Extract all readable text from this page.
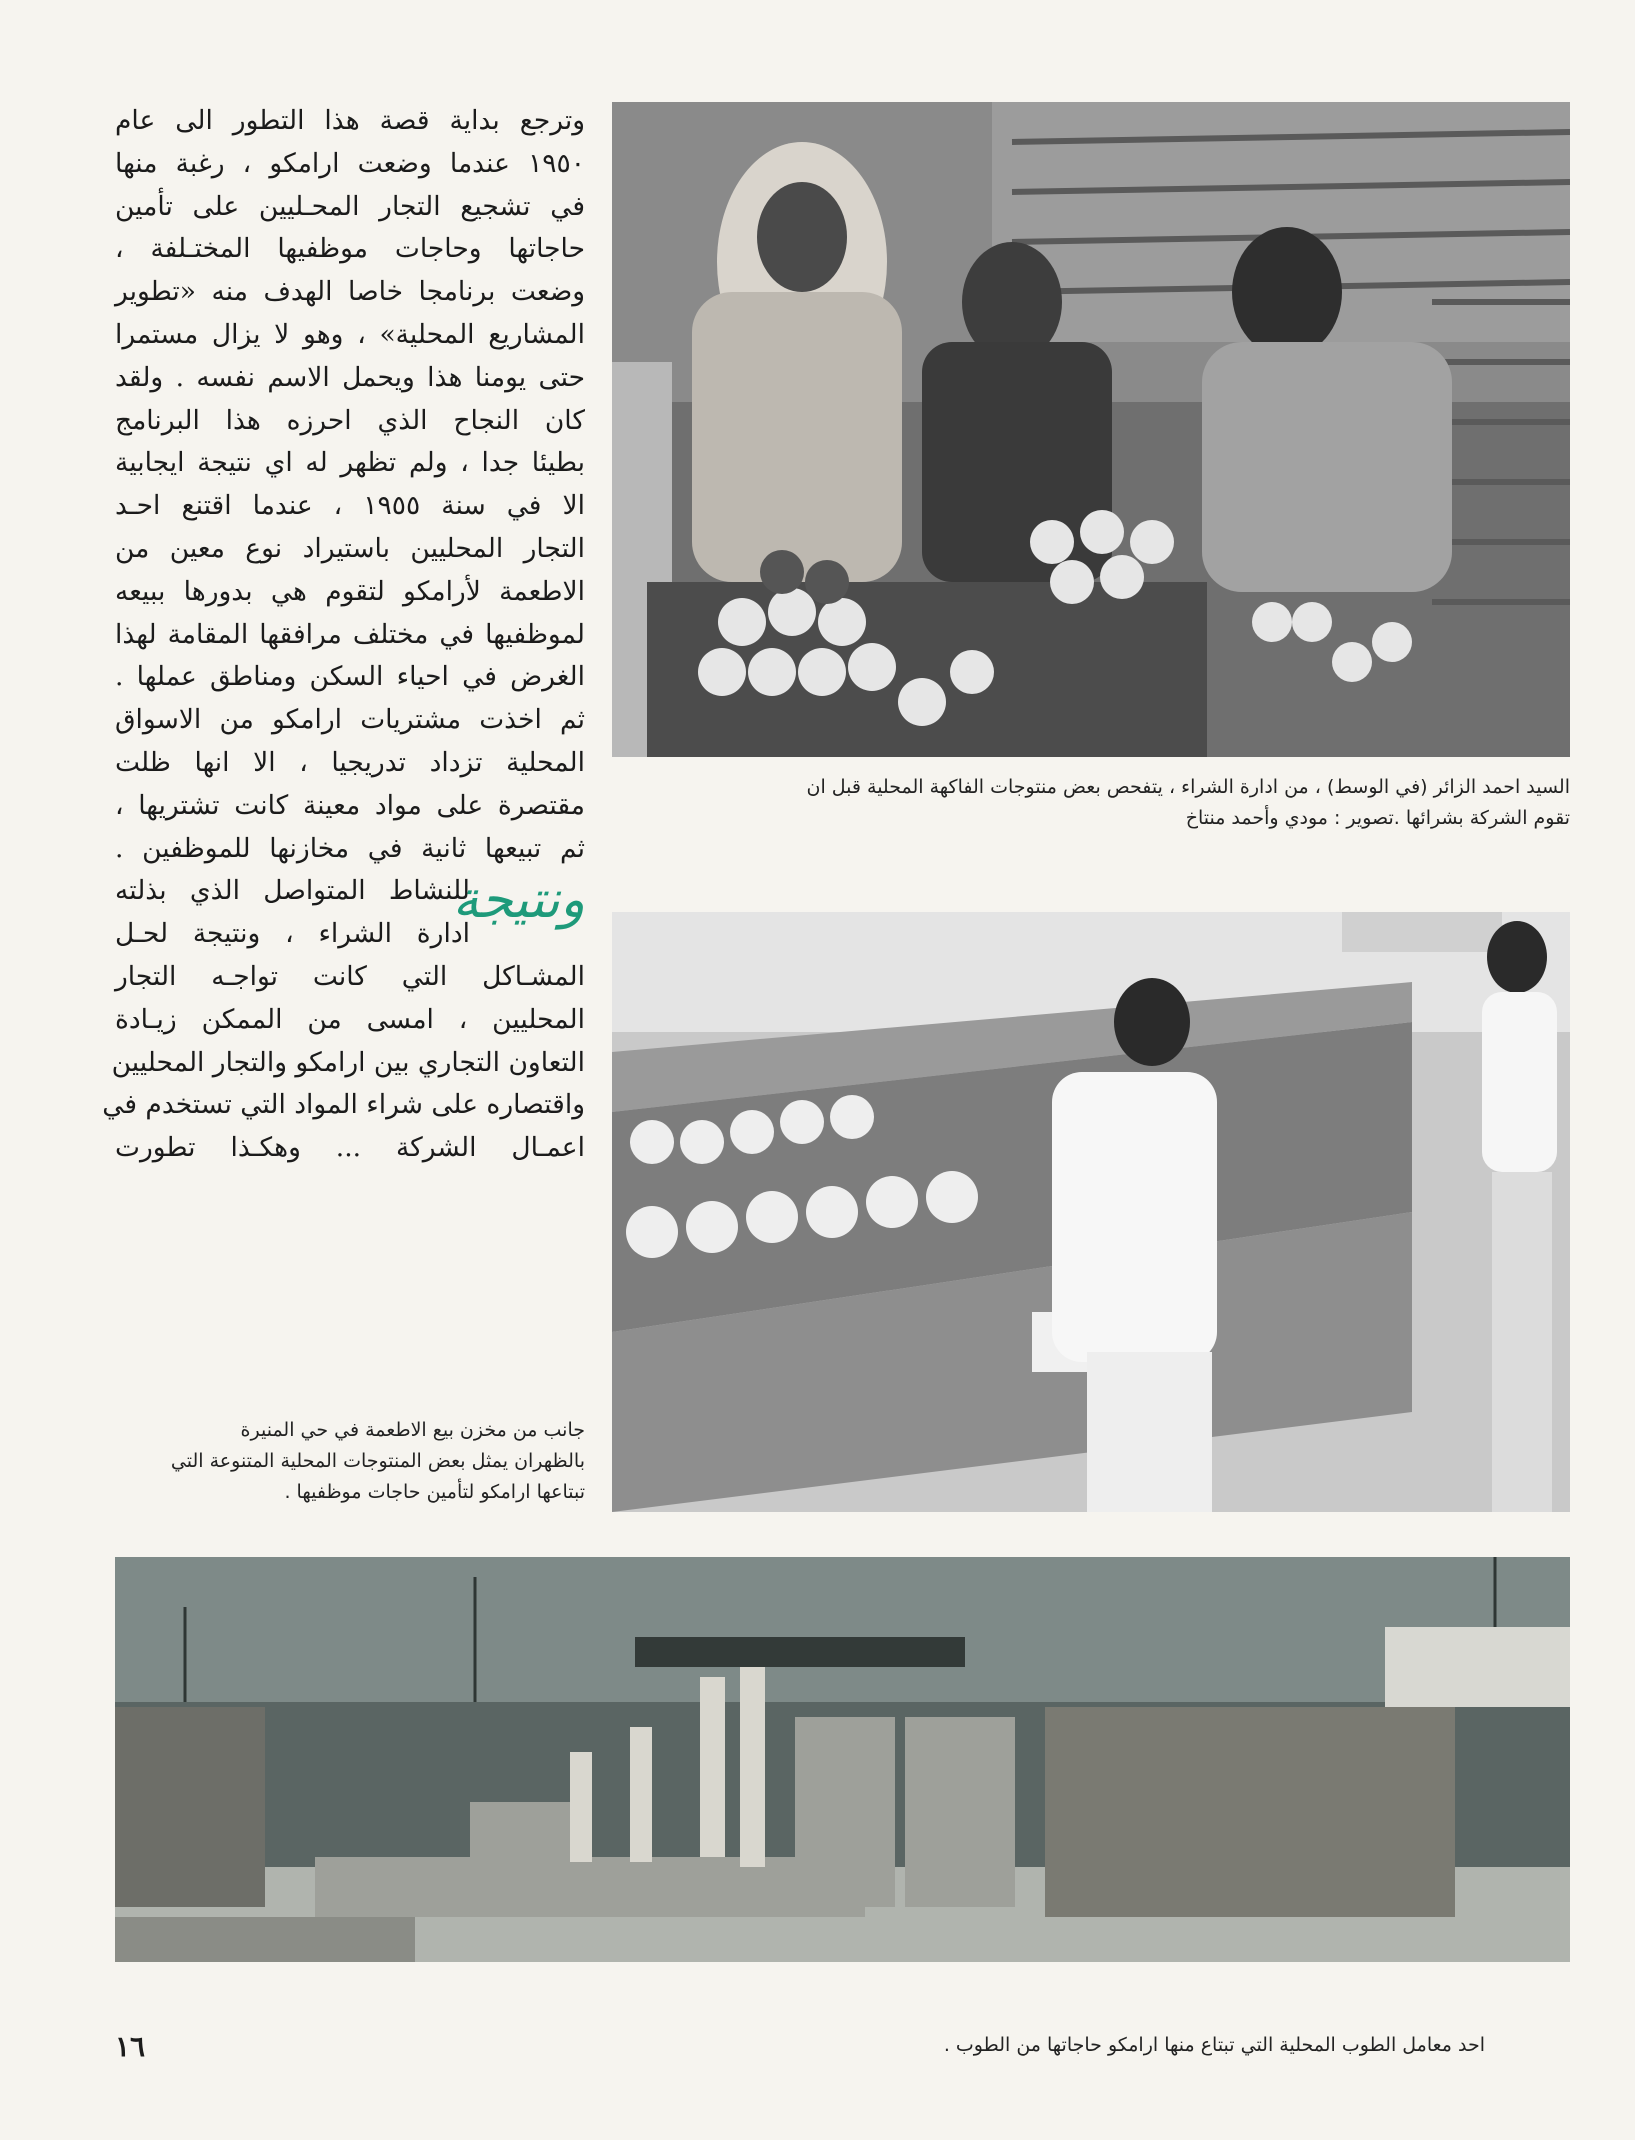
السيد احمد الزائر (في الوسط) ، من ادارة الشراء ، يتفحص بعض منتوجات الفاكهة المحلية قبل ان

تقوم الشركة بشرائها .
تصوير : مودي وأحمد منتاخ

جانب من مخزن بيع الاطعمة في حي المنيرة

بالظهران يمثل بعض المنتوجات المحلية المتنوعة التي

تبتاعها ارامكو لتأمين حاجات موظفيها .

احد معامل الطوب المحلية التي تبتاع منها ارامكو حاجاتها من الطوب .

وترجع بداية قصة هذا التطور الى عام

١٩٥٠ عندما وضعت ارامكو ، رغبة منها

في تشجيع التجار المحـليين على تأمين

حاجاتها وحاجات موظفيها المختـلفة ،

وضعت برنامجا خاصا الهدف منه «تطوير

المشاريع المحلية» ، وهو لا يزال مستمرا

حتى يومنا هذا ويحمل الاسم نفسه . ولقد

كان النجاح الذي احرزه هذا البرنامج

بطيئا جدا ، ولم تظهر له اي نتيجة ايجابية

الا في سنة ١٩٥٥ ، عندما اقتنع احـد

التجار المحليين باستيراد نوع معين من

الاطعمة لأرامكو لتقوم هي بدورها ببيعه

لموظفيها في مختلف مرافقها المقامة لهذا

الغرض في احياء السكن ومناطق عملها .

ثم اخذت مشتريات ارامكو من الاسواق

المحلية تزداد تدريجيا ، الا انها ظلت

مقتصرة على مواد معينة كانت تشتريها ،

ثم تبيعها ثانية في مخازنها للموظفين .

ونتيجة

للنشاط المتواصل الذي بذلته

ادارة الشراء ، ونتيجة لحـل

المشـاكل التي كانت تواجـه التجار

المحليين ، امسى من الممكن زيـادة

التعاون التجاري بين ارامكو والتجار المحليين

واقتصاره على شراء المواد التي تستخدم في

اعمـال الشركة ... وهكـذا تطورت

١٦
